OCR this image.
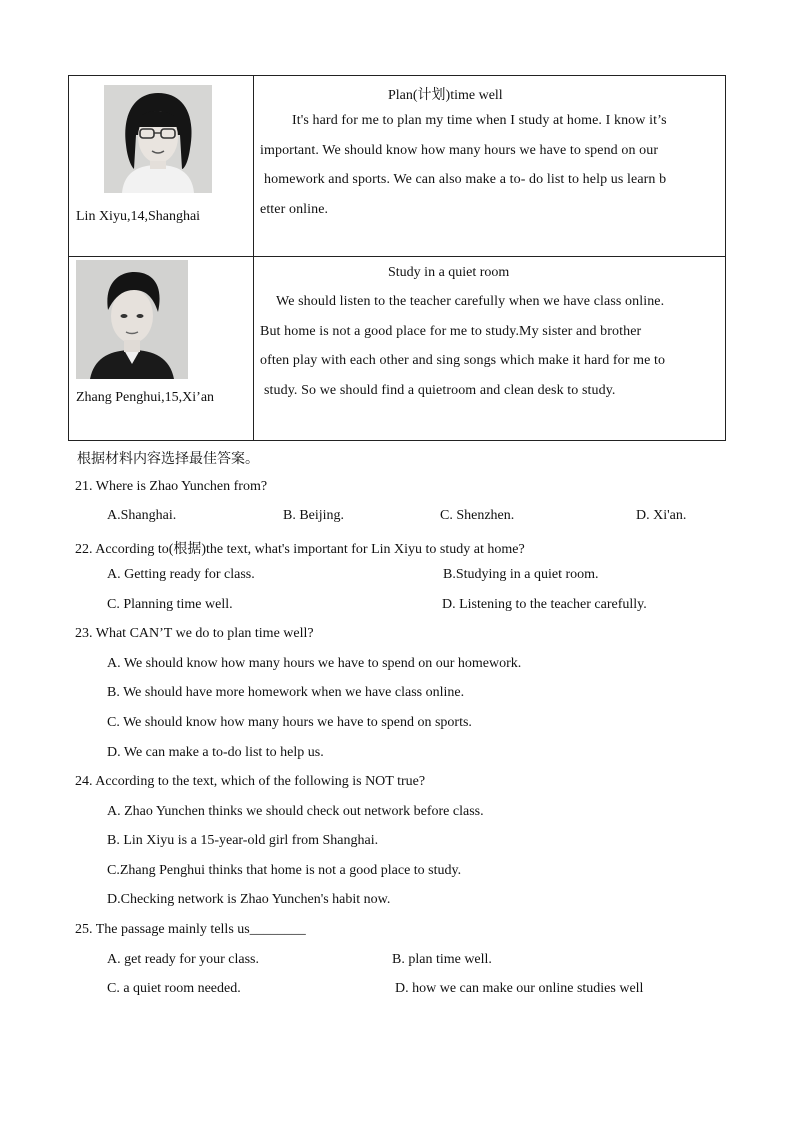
Lin Xiyu,14,Shanghai
Plan(计划)time well
It's hard for me to plan my time when I study at home. I know it’s
important. We should know how many hours we have to spend on our
homework and sports. We can also make a to- do list to help us learn b
etter online.
Zhang Penghui,15,Xi’an
Study in a quiet room
We should listen to the teacher carefully when we have class online.
But home is not a good place for me to study.My sister and brother
often play with each other and sing songs which make it hard for me to
study. So we should find a quietroom and clean desk to study.
根据材料内容选择最佳答案。
21. Where is Zhao Yunchen from?
A.Shanghai.	B. Beijing.	C. Shenzhen.	D. Xi'an.
22. According to(根据)the text, what's important for Lin Xiyu to study at home?
A. Getting ready for class.	B.Studying in a quiet room.
C. Planning time well.	D. Listening to the teacher carefully.
23. What CAN’T we do to plan time well?
A. We should know how many hours we have to spend on our homework.
B. We should have more homework when we have class online.
C. We should know how many hours we have to spend on sports.
D. We can make a to-do list to help us.
24. According to the text, which of the following is NOT true?
A. Zhao Yunchen thinks we should check out network before class.
B. Lin Xiyu is a 15-year-old girl from Shanghai.
C.Zhang Penghui thinks that home is not a good place to study.
D.Checking network is Zhao Yunchen's habit now.
25. The passage mainly tells us________
A. get ready for your class.	B. plan time well.
C. a quiet room needed.	D. how we can make our online studies well
